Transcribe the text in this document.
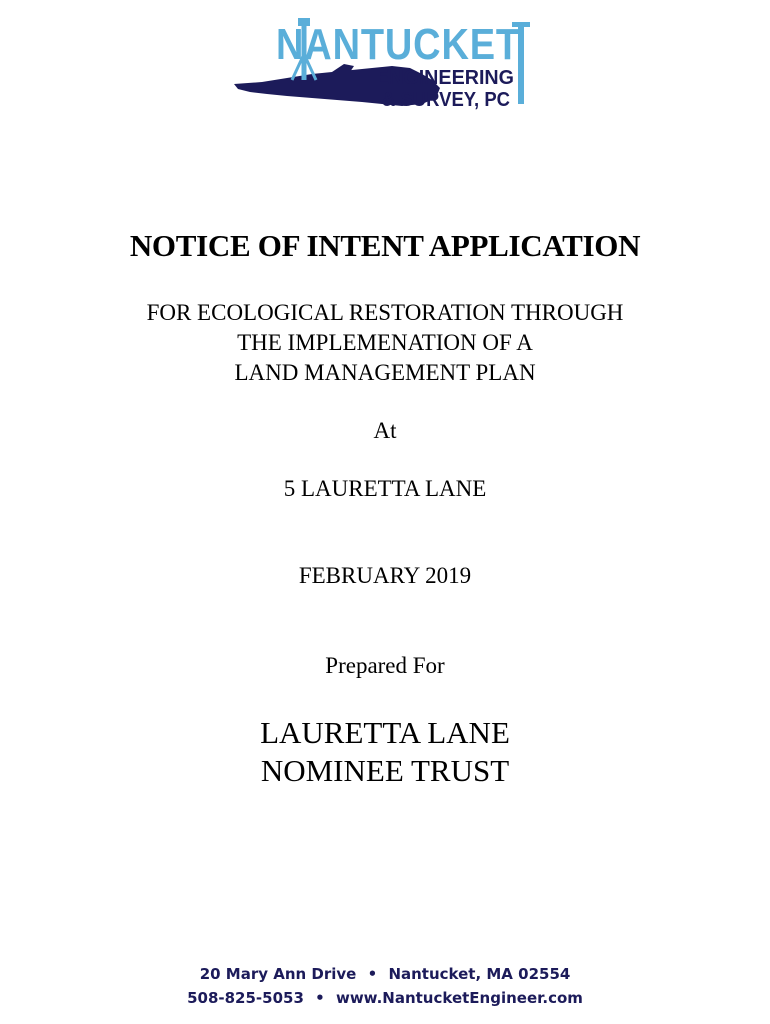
NANTUCKET
ENGINEERING
& SURVEY, PC
NOTICE OF INTENT APPLICATION
FOR ECOLOGICAL RESTORATION THROUGH
THE IMPLEMENATION OF A
LAND MANAGEMENT PLAN
At
5 LAURETTA LANE
FEBRUARY 2019
Prepared For
LAURETTA LANE
NOMINEE TRUST
20 Mary Ann Drive • Nantucket, MA 02554
508-825-5053 • www.NantucketEngineer.com
